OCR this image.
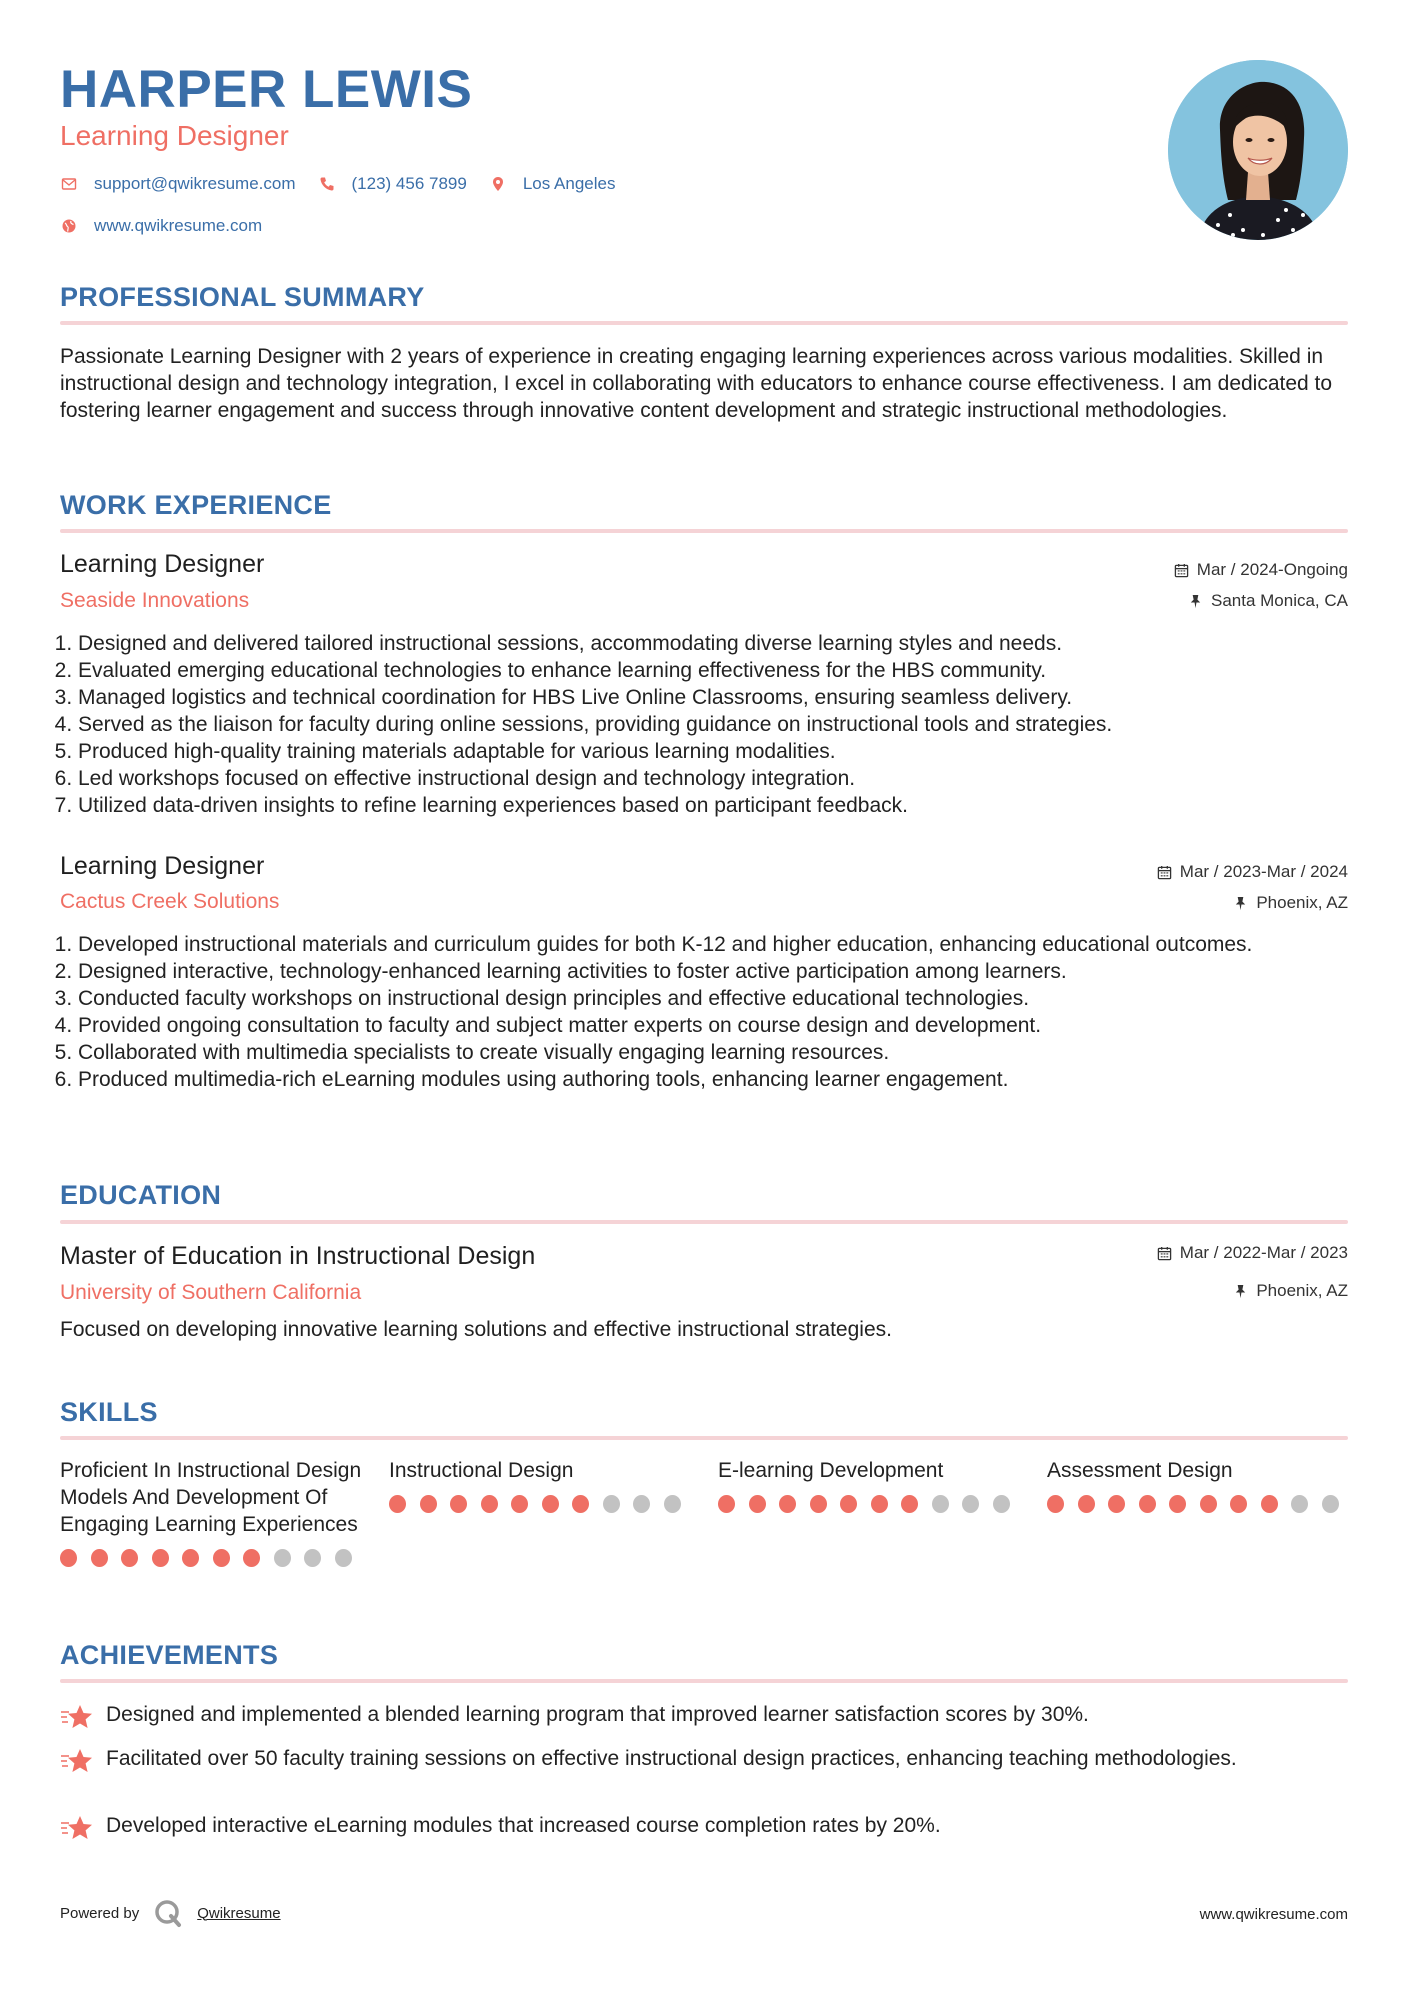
HARPER LEWIS
Learning Designer
support@qwikresume.com	(123) 456 7899	Los Angeles
www.qwikresume.com
PROFESSIONAL SUMMARY
Passionate Learning Designer with 2 years of experience in creating engaging learning experiences across various modalities. Skilled in instructional design and technology integration, I excel in collaborating with educators to enhance course effectiveness. I am dedicated to fostering learner engagement and success through innovative content development and strategic instructional methodologies.
WORK EXPERIENCE
Learning Designer
Seaside Innovations
Mar / 2024-Ongoing
Santa Monica, CA
1. Designed and delivered tailored instructional sessions, accommodating diverse learning styles and needs.
2. Evaluated emerging educational technologies to enhance learning effectiveness for the HBS community.
3. Managed logistics and technical coordination for HBS Live Online Classrooms, ensuring seamless delivery.
4. Served as the liaison for faculty during online sessions, providing guidance on instructional tools and strategies.
5. Produced high-quality training materials adaptable for various learning modalities.
6. Led workshops focused on effective instructional design and technology integration.
7. Utilized data-driven insights to refine learning experiences based on participant feedback.
Learning Designer
Cactus Creek Solutions
Mar / 2023-Mar / 2024
Phoenix, AZ
1. Developed instructional materials and curriculum guides for both K-12 and higher education, enhancing educational outcomes.
2. Designed interactive, technology-enhanced learning activities to foster active participation among learners.
3. Conducted faculty workshops on instructional design principles and effective educational technologies.
4. Provided ongoing consultation to faculty and subject matter experts on course design and development.
5. Collaborated with multimedia specialists to create visually engaging learning resources.
6. Produced multimedia-rich eLearning modules using authoring tools, enhancing learner engagement.
EDUCATION
Master of Education in Instructional Design
University of Southern California
Mar / 2022-Mar / 2023
Phoenix, AZ
Focused on developing innovative learning solutions and effective instructional strategies.
SKILLS
Proficient In Instructional Design Models And Development Of Engaging Learning Experiences
Instructional Design	E-learning Development	Assessment Design
ACHIEVEMENTS
Designed and implemented a blended learning program that improved learner satisfaction scores by 30%.
Facilitated over 50 faculty training sessions on effective instructional design practices, enhancing teaching methodologies.
Developed interactive eLearning modules that increased course completion rates by 20%.
Powered by	Qwikresume	www.qwikresume.com
